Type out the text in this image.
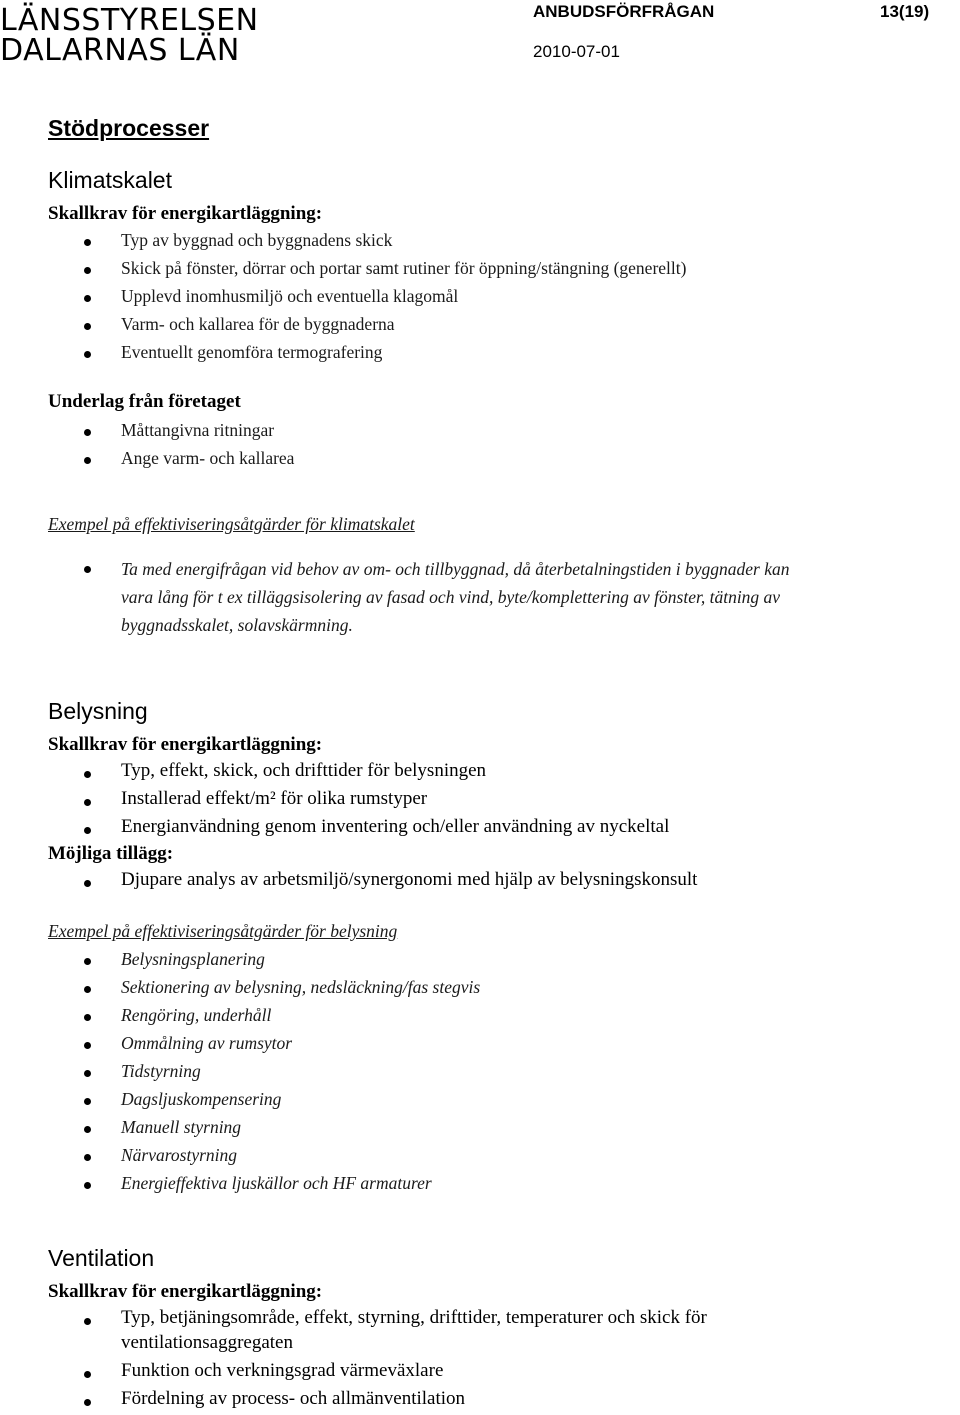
LÄNSSTYRELSEN
DALARNAS LÄN
ANBUDSFÖRFRÅGAN	13(19)
2010-07-01
Stödprocesser
Klimatskalet
Skallkrav för energikartläggning:
Typ av byggnad och byggnadens skick
Skick på fönster, dörrar och portar samt rutiner för öppning/stängning (generellt)
Upplevd inomhusmiljö och eventuella klagomål
Varm- och kallarea för de byggnaderna
Eventuellt genomföra termografering
Underlag från företaget
Måttangivna ritningar
Ange varm- och kallarea
Exempel på effektiviseringsåtgärder för klimatskalet
Ta med energifrågan vid behov av om- och tillbyggnad, då återbetalningstiden i byggnader kan
vara lång för t ex tilläggsisolering av fasad och vind, byte/komplettering av fönster, tätning av
byggnadsskalet, solavskärmning.
Belysning
Skallkrav för energikartläggning:
Typ, effekt, skick, och drifttider för belysningen
Installerad effekt/m² för olika rumstyper
Energianvändning genom inventering och/eller användning av nyckeltal
Möjliga tillägg:
Djupare analys av arbetsmiljö/synergonomi med hjälp av belysningskonsult
Exempel på effektiviseringsåtgärder för belysning
Belysningsplanering
Sektionering av belysning, nedsläckning/fas stegvis
Rengöring, underhåll
Ommålning av rumsytor
Tidstyrning
Dagsljuskompensering
Manuell styrning
Närvarostyrning
Energieffektiva ljuskällor och HF armaturer
Ventilation
Skallkrav för energikartläggning:
Typ, betjäningsområde, effekt, styrning, drifttider, temperaturer och skick för
ventilationsaggregaten
Funktion och verkningsgrad värmeväxlare
Fördelning av process- och allmänventilation
